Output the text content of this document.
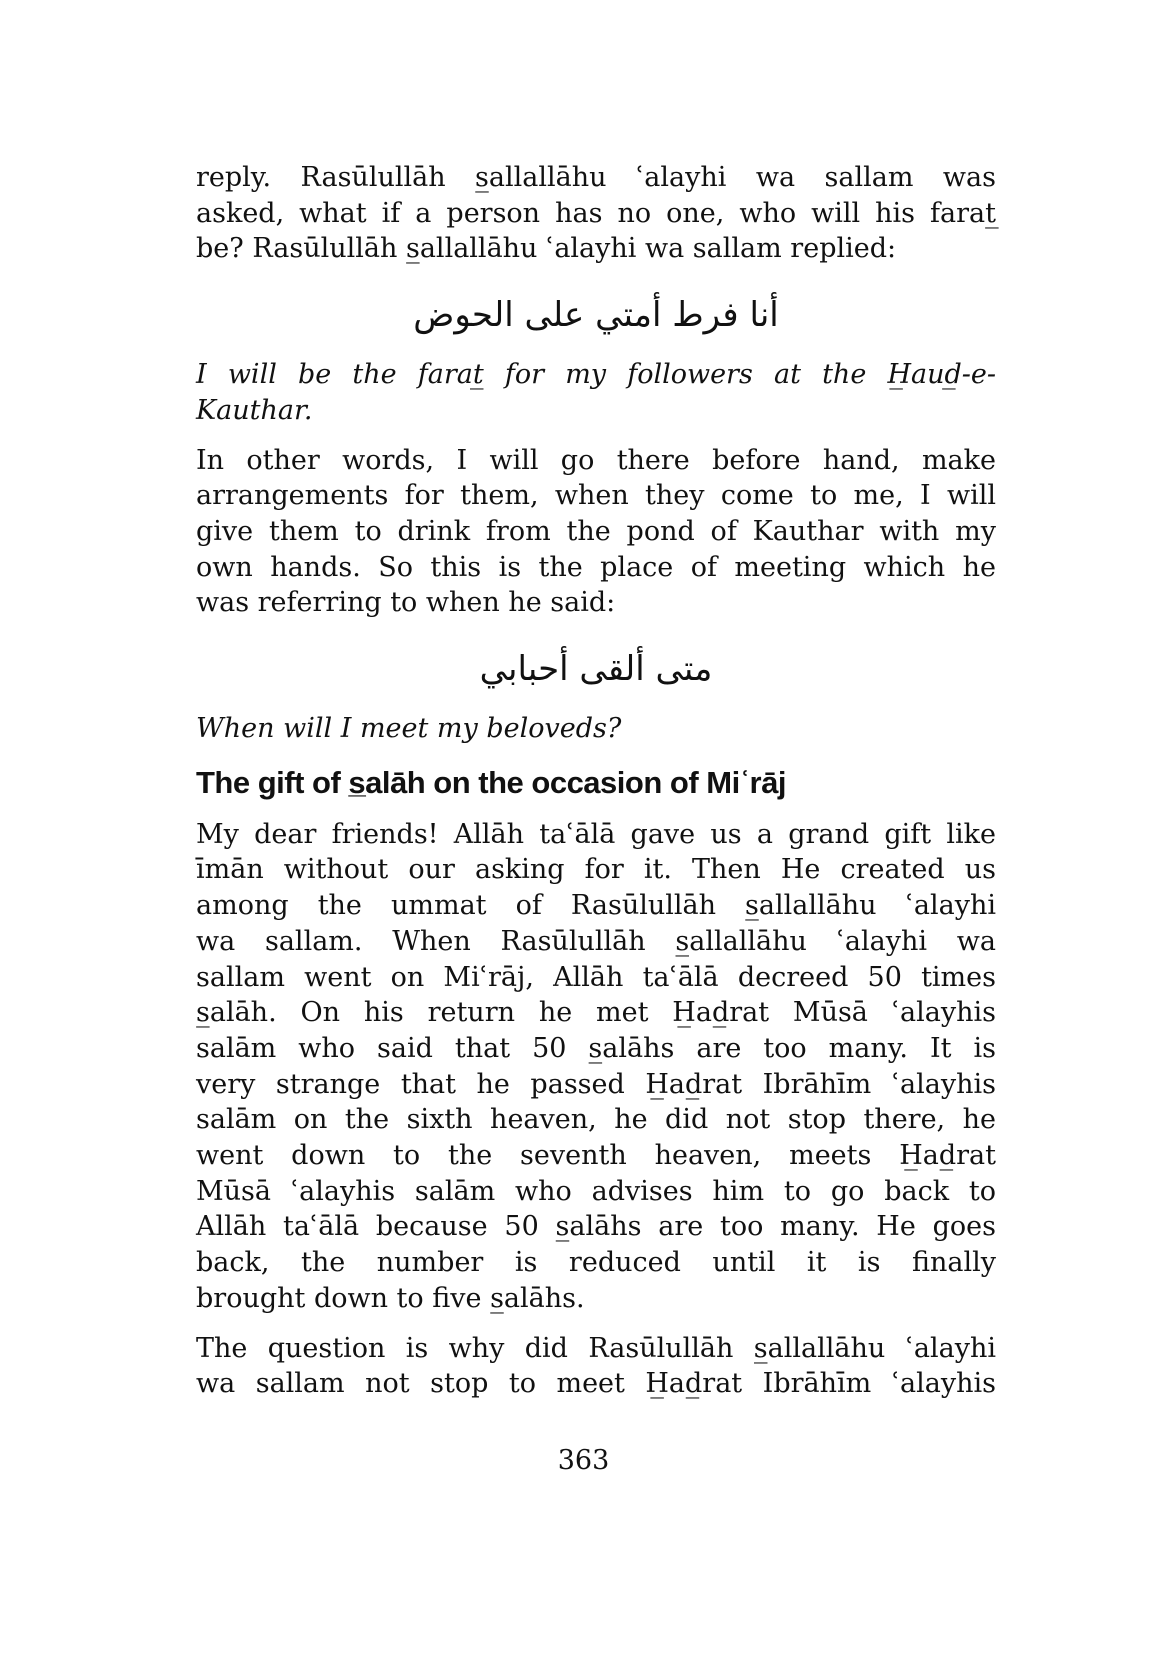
reply. Rasūlullāh s̲allallāhu ʿalayhi wa sallam was
asked, what if a person has no one, who will his farat̲
be? Rasūlullāh s̲allallāhu ʿalayhi wa sallam replied:

أنا فرط أمتي على الحوض

I will be the farat̲ for my followers at the H̲aud̲-e-
Kauthar.
In other words, I will go there before hand, make
arrangements for them, when they come to me, I will
give them to drink from the pond of Kauthar with my
own hands. So this is the place of meeting which he
was referring to when he said:

متى ألقى أحبابي

When will I meet my beloveds?
The gift of s̲alāh on the occasion of Miʿrāj
My dear friends! Allāh taʿālā gave us a grand gift like
īmān without our asking for it. Then He created us
among the ummat of Rasūlullāh s̲allallāhu ʿalayhi
wa sallam. When Rasūlullāh s̲allallāhu ʿalayhi wa
sallam went on Miʿrāj, Allāh taʿālā decreed 50 times
s̲alāh. On his return he met H̲ad̲rat Mūsā ʿalayhis
salām who said that 50 s̲alāhs are too many. It is
very strange that he passed H̲ad̲rat Ibrāhīm ʿalayhis
salām on the sixth heaven, he did not stop there, he
went down to the seventh heaven, meets H̲ad̲rat
Mūsā ʿalayhis salām who advises him to go back to
Allāh taʿālā because 50 s̲alāhs are too many. He goes
back, the number is reduced until it is finally
brought down to five s̲alāhs.
The question is why did Rasūlullāh s̲allallāhu ʿalayhi
wa sallam not stop to meet H̲ad̲rat Ibrāhīm ʿalayhis
363
